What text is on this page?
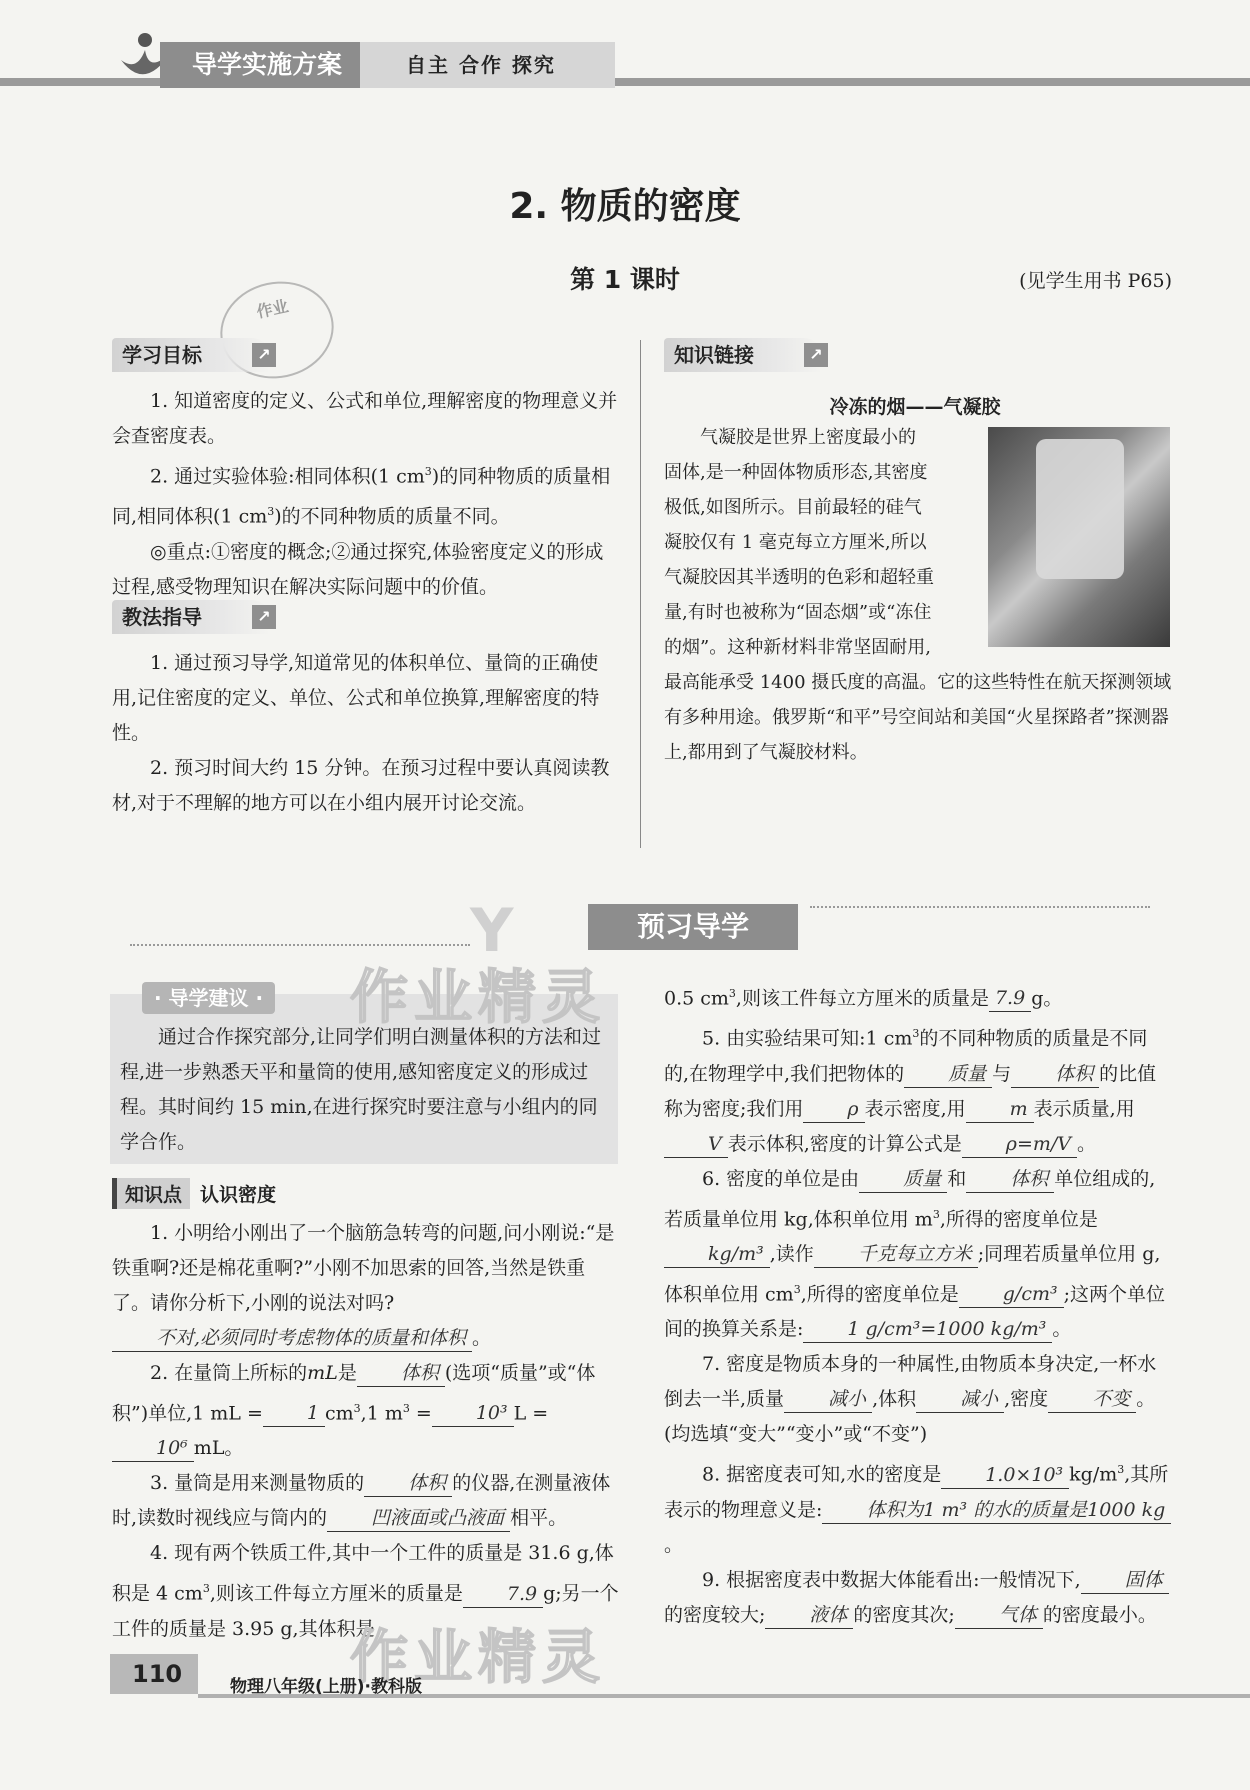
导学实施方案	自主 合作 探究
2. 物质的密度
第 1 课时	(见学生用书 P65)
作业
学习目标	↗

1. 知道密度的定义、公式和单位,理解密度的物理意义并会查密度表。

2. 通过实验体验:相同体积(1 $cm^3$)的同种物质的质量相同,相同体积(1 $cm^3$)的不同种物质的质量不同。

◎重点:①密度的概念;②通过探究,体验密度定义的形成过程,感受物理知识在解决实际问题中的价值。

教法指导	↗

1. 通过预习导学,知道常见的体积单位、量筒的正确使用,记住密度的定义、单位、公式和单位换算,理解密度的特性。

2. 预习时间大约 15 分钟。在预习过程中要认真阅读教材,对于不理解的地方可以在小组内展开讨论交流。

知识链接	↗
冷冻的烟——气凝胶
气凝胶是世界上密度最小的
固体,是一种固体物质形态,其密度
极低,如图所示。目前最轻的硅气
凝胶仅有 1 毫克每立方厘米,所以
气凝胶因其半透明的色彩和超轻重
量,有时也被称为“固态烟”或“冻住
的烟”。这种新材料非常坚固耐用,
最高能承受 1400 摄氏度的高温。它的这些特性在航天探测领域有多种用途。俄罗斯“和平”号空间站和美国“火星探路者”探测器上,都用到了气凝胶材料。
Y	预习导学
· 导学建议 ·

通过合作探究部分,让同学们明白测量体积的方法和过程,进一步熟悉天平和量筒的使用,感知密度定义的形成过程。其时间约 15 min,在进行探究时要注意与小组内的同学合作。

知识点 认识密度

1. 小明给小刚出了一个脑筋急转弯的问题,问小刚说:“是铁重啊?还是棉花重啊?”小刚不加思索的回答,当然是铁重了。请你分析下,小刚的说法对吗?不对,必须同时考虑物体的质量和体积 。

2. 在量筒上所标的mL是 体积 (选项“质量”或“体积”)单位,1 mL = 1 $cm^3,1$ $m^3 = 10^3$ L =10⁶ mL。

3. 量筒是用来测量物质的 体积 的仪器,在测量液体时,读数时视线应与筒内的 凹液面或凸液面 相平。

4. 现有两个铁质工件,其中一个工件的质量是 31.6 g,体积是 4 $cm^3$,则该工件每立方厘米的质量是 7.9 g;另一个工件的质量是 3.95 g,其体积是

0.5 $cm^3$,则该工件每立方厘米的质量是 7.9 g。

5. 由实验结果可知:1 $cm^3$的不同种物质的质量是不同的,在物理学中,我们把物体的 质量 与 体积 的比值称为密度;我们用 ρ 表示密度,用 m 表示质量,用V 表示体积,密度的计算公式是 ρ=m/V 。

6. 密度的单位是由 质量 和 体积 单位组成的,若质量单位用 kg,体积单位用 $m^3$,所得的密度单位是kg/m³ ,读作 千克每立方米 ;同理若质量单位用 g,体积单位用 $cm^3$,所得的密度单位是 g/cm³ ;这两个单位间的换算关系是: 1 g/cm³=1000 kg/m³ 。

7. 密度是物质本身的一种属性,由物质本身决定,一杯水倒去一半,质量 减小 ,体积 减小 ,密度 不变 。(均选填“变大”“变小”或“不变”)

8. 据密度表可知,水的密度是 1.0×10³ $kg/m^3$,其所表示的物理意义是: 体积为1 m³ 的水的质量是1000 kg。

9. 根据密度表中数据大体能看出:一般情况下, 固体的密度较大; 液体 的密度其次; 气体 的密度最小。

作业精灵
作业精灵
110	物理八年级(上册)·教科版
